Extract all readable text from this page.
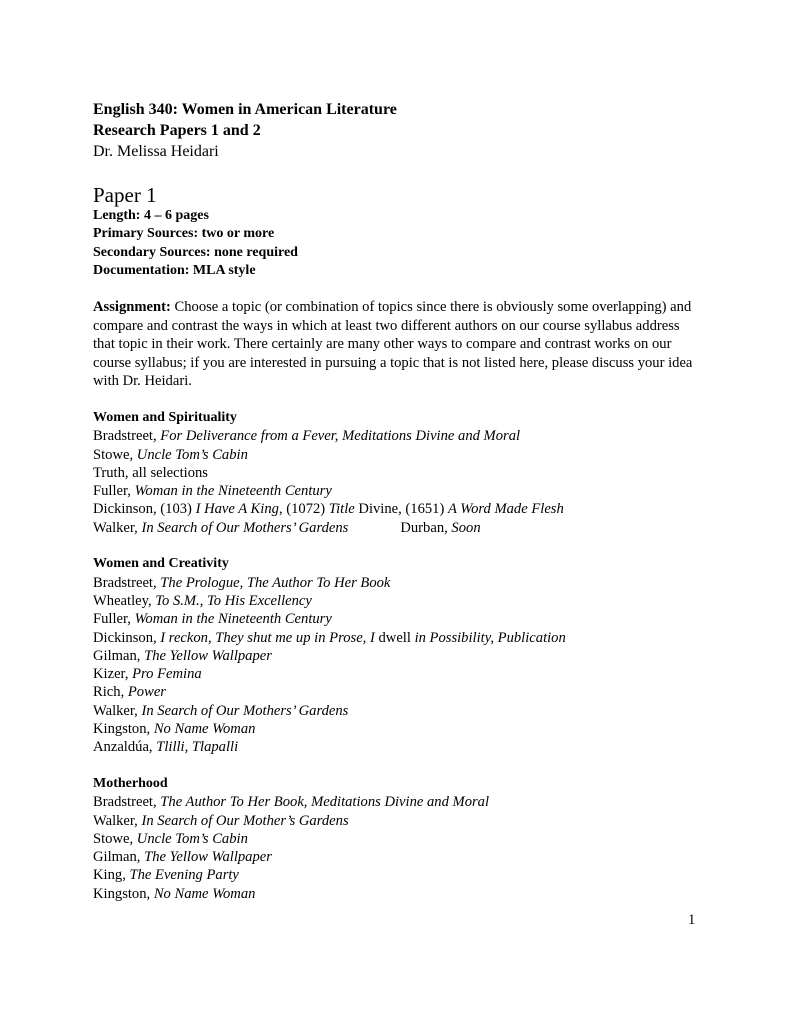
English 340: Women in American Literature
Research Papers 1 and 2
Dr. Melissa Heidari
Paper 1
Length: 4 – 6 pages
Primary Sources: two or more
Secondary Sources: none required
Documentation: MLA style
Assignment: Choose a topic (or combination of topics since there is obviously some overlapping) and compare and contrast the ways in which at least two different authors on our course syllabus address that topic in their work. There certainly are many other ways to compare and contrast works on our course syllabus; if you are interested in pursuing a topic that is not listed here, please discuss your idea with Dr. Heidari.
Women and Spirituality
Bradstreet, For Deliverance from a Fever, Meditations Divine and Moral
Stowe, Uncle Tom’s Cabin
Truth, all selections
Fuller, Woman in the Nineteenth Century
Dickinson, (103) I Have A King, (1072) Title Divine, (1651) A Word Made Flesh
Walker, In Search of Our Mothers’ Gardens	Durban, Soon
Women and Creativity
Bradstreet, The Prologue, The Author To Her Book
Wheatley, To S.M., To His Excellency
Fuller, Woman in the Nineteenth Century
Dickinson, I reckon, They shut me up in Prose, I dwell in Possibility, Publication
Gilman, The Yellow Wallpaper
Kizer, Pro Femina
Rich, Power
Walker, In Search of Our Mothers’ Gardens
Kingston, No Name Woman
Anzaldúa, Tlilli, Tlapalli
Motherhood
Bradstreet, The Author To Her Book, Meditations Divine and Moral
Walker, In Search of Our Mother’s Gardens
Stowe, Uncle Tom’s Cabin
Gilman, The Yellow Wallpaper
King, The Evening Party
Kingston, No Name Woman
1
